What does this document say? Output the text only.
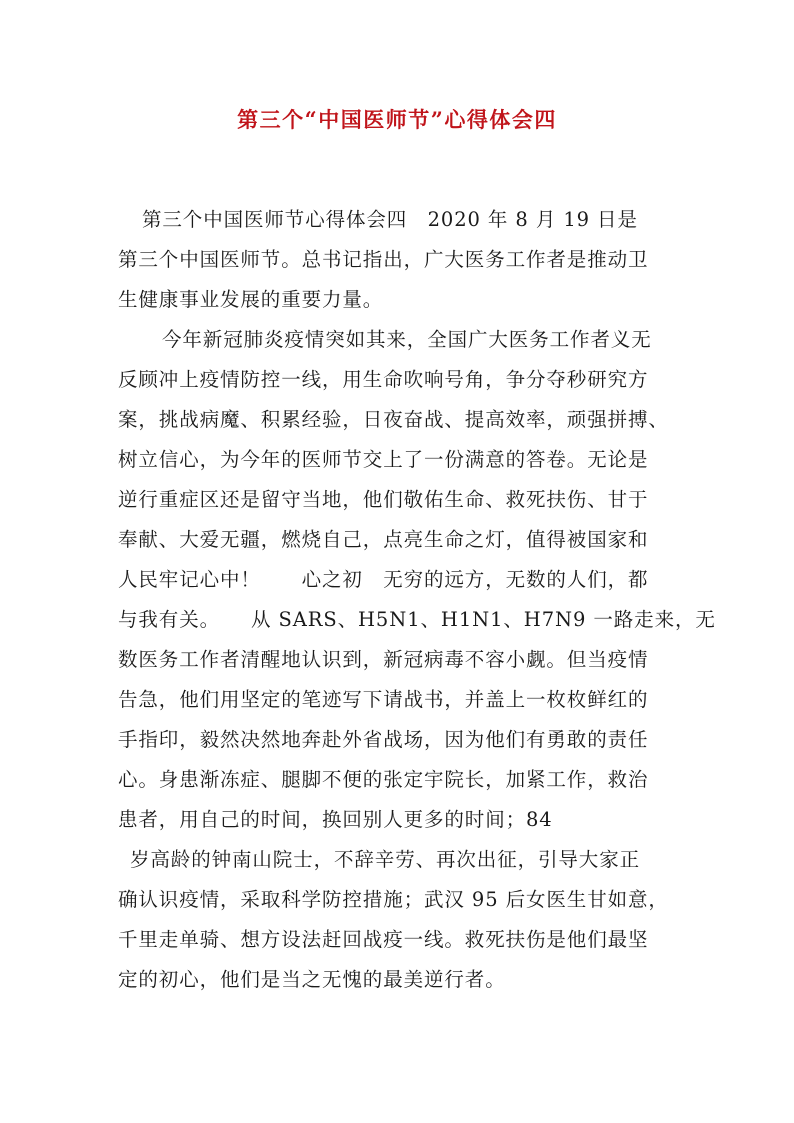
第三个“中国医师节”心得体会四
第三个中国医师节心得体会四　2020 年 8 月 19 日是
第三个中国医师节。总书记指出，广大医务工作者是推动卫
生健康事业发展的重要力量。
今年新冠肺炎疫情突如其来，全国广大医务工作者义无
反顾冲上疫情防控一线，用生命吹响号角，争分夺秒研究方
案，挑战病魔、积累经验，日夜奋战、提高效率，顽强拼搏、
树立信心，为今年的医师节交上了一份满意的答卷。无论是
逆行重症区还是留守当地，他们敬佑生命、救死扶伤、甘于
奉献、大爱无疆，燃烧自己，点亮生命之灯，值得被国家和
人民牢记心中！　　心之初　无穷的远方，无数的人们，都
与我有关。　　从 SARS、H5N1、H1N1、H7N9 一路走来，无
数医务工作者清醒地认识到，新冠病毒不容小觑。但当疫情
告急，他们用坚定的笔迹写下请战书，并盖上一枚枚鲜红的
手指印，毅然决然地奔赴外省战场，因为他们有勇敢的责任
心。身患渐冻症、腿脚不便的张定宇院长，加紧工作，救治
患者，用自己的时间，换回别人更多的时间；84
岁高龄的钟南山院士，不辞辛劳、再次出征，引导大家正
确认识疫情，采取科学防控措施；武汉 95 后女医生甘如意，
千里走单骑、想方设法赶回战疫一线。救死扶伤是他们最坚
定的初心，他们是当之无愧的最美逆行者。
